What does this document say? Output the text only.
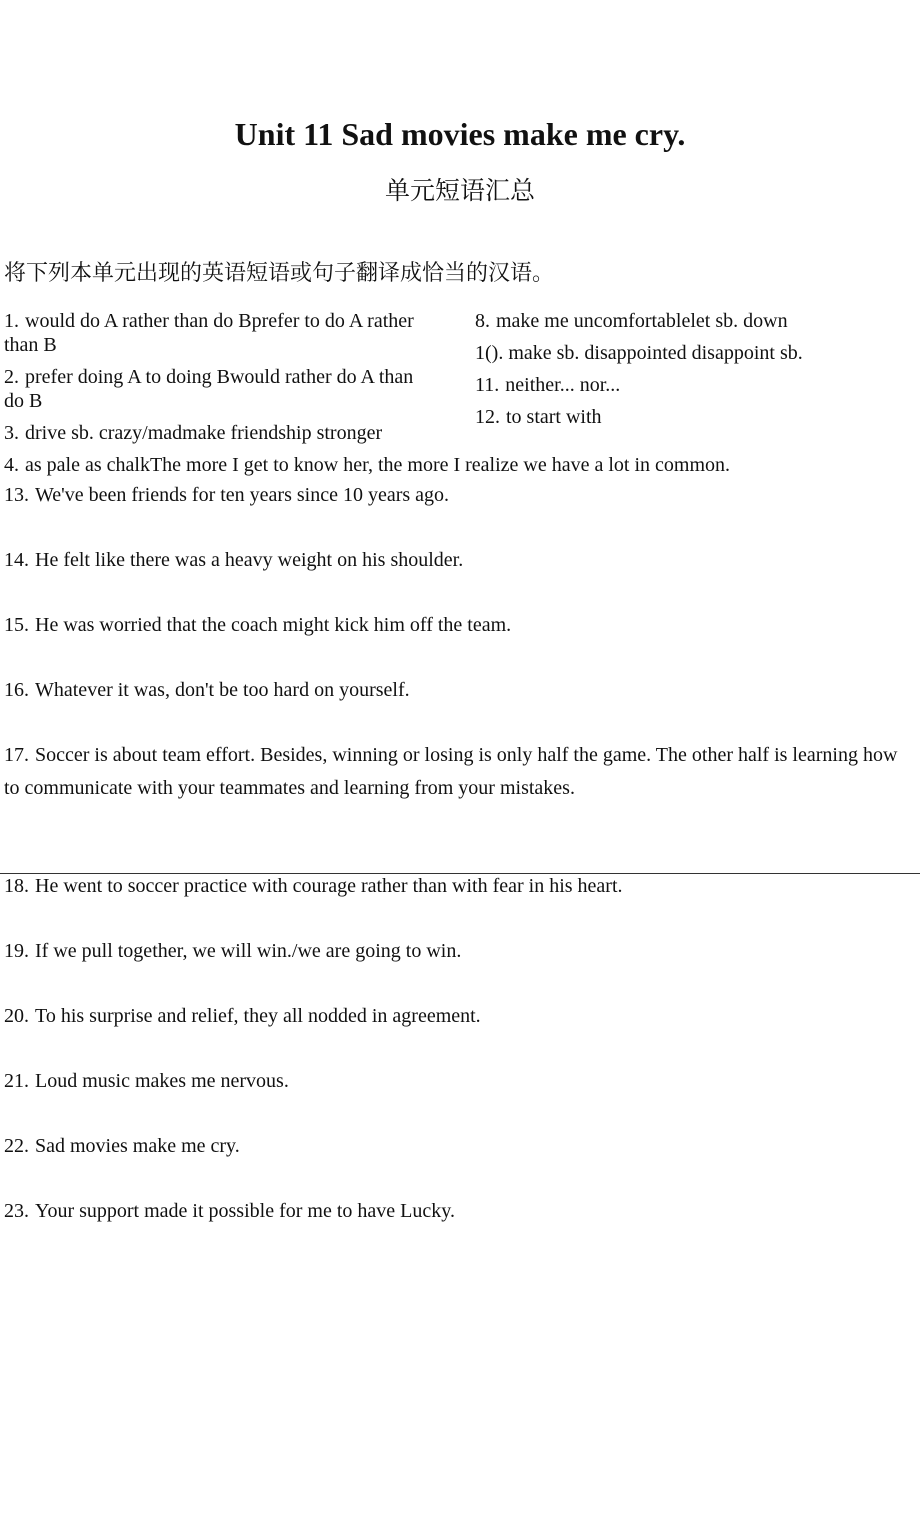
Unit 11 Sad movies make me cry.
单元短语汇总
将下列本单元出现的英语短语或句子翻译成恰当的汉语。
1. would do A rather than do Bprefer to do A rather than B
2. prefer doing A to doing Bwould rather do A than do B
3. drive sb. crazy/madmake friendship stronger
4. as pale as chalkThe more I get to know her, the more I realize we have a lot in common.
8. make me uncomfortablelet sb. down
1(). make sb. disappointed disappoint sb.
11. neither... nor...
12. to start with
13. We've been friends for ten years since 10 years ago.
14. He felt like there was a heavy weight on his shoulder.
15. He was worried that the coach might kick him off the team.
16. Whatever it was, don't be too hard on yourself.
17. Soccer is about team effort. Besides, winning or losing is only half the game. The other half is learning how to communicate with your teammates and learning from your mistakes.
18. He went to soccer practice with courage rather than with fear in his heart.
19. If we pull together, we will win./we are going to win.
20. To his surprise and relief, they all nodded in agreement.
21. Loud music makes me nervous.
22. Sad movies make me cry.
23. Your support made it possible for me to have Lucky.
